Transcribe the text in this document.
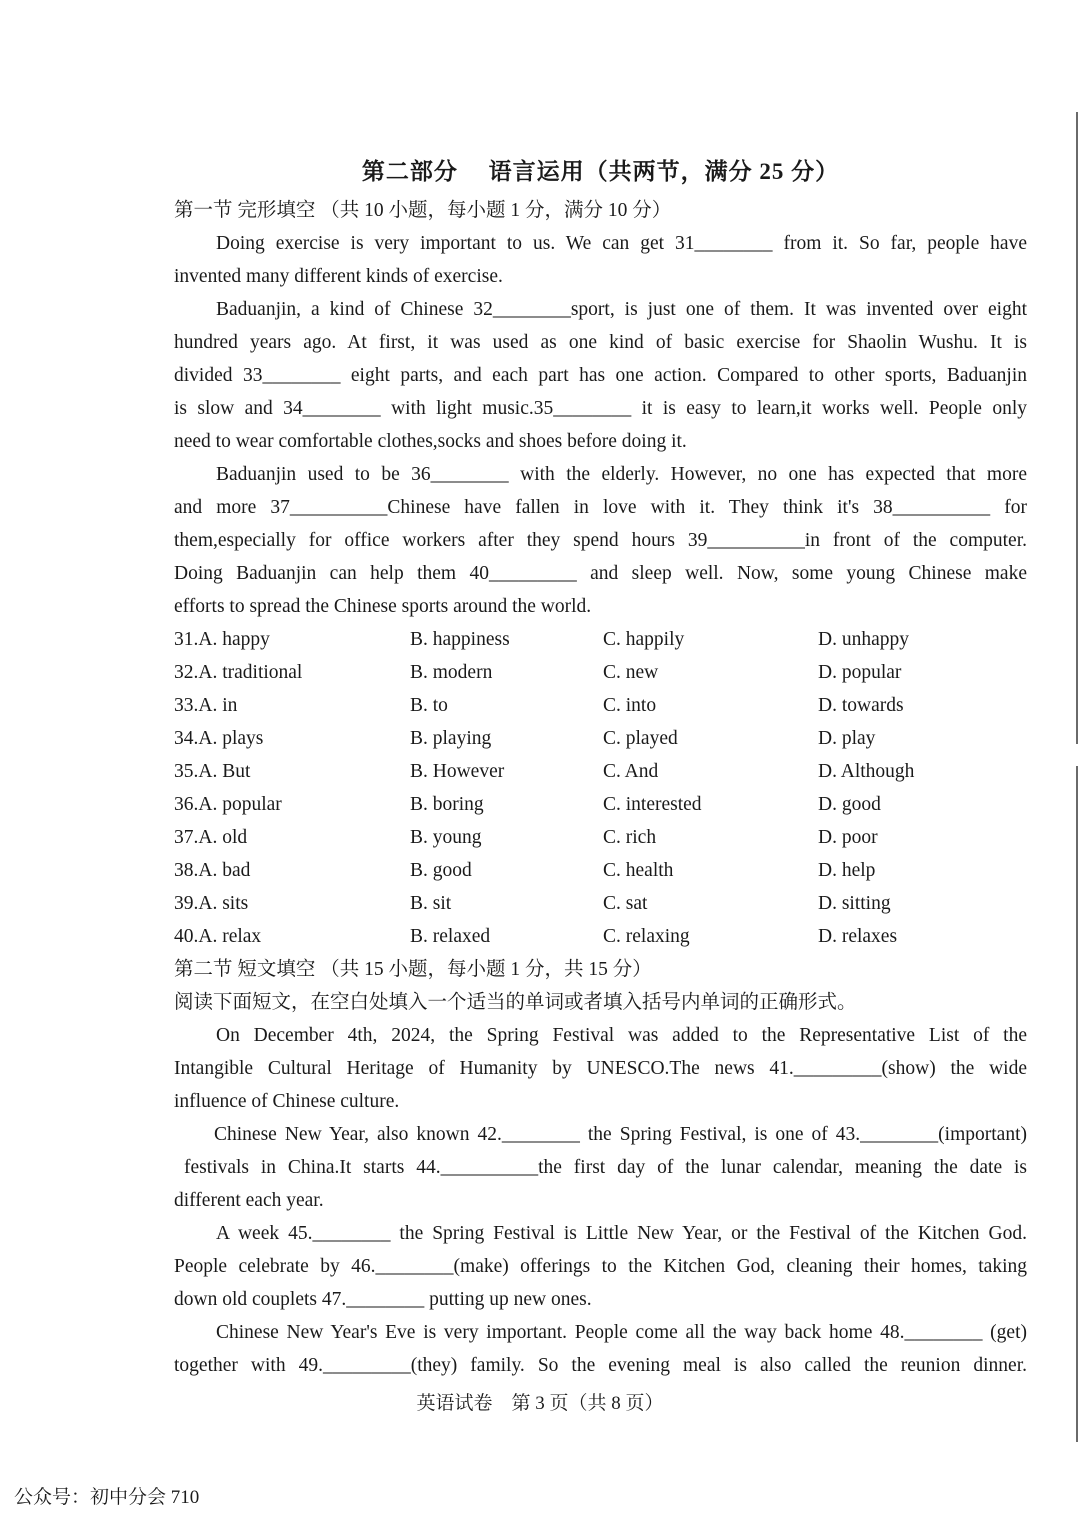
第二部分　 语言运用（共两节，满分 25 分）
第一节 完形填空 （共 10 小题，每小题 1 分，满分 10 分）
Doing exercise is very important to us. We can get 31________ from it. So far, people have
invented many different kinds of exercise.
Baduanjin, a kind of Chinese 32________sport, is just one of them. It was invented over eight
hundred years ago. At first, it was used as one kind of basic exercise for Shaolin Wushu. It is
divided 33________ eight parts, and each part has one action. Compared to other sports, Baduanjin
is slow and 34________ with light music.35________ it is easy to learn,it works well. People only
need to wear comfortable clothes,socks and shoes before doing it.
Baduanjin used to be 36________ with the elderly. However, no one has expected that more
and more 37__________Chinese have fallen in love with it. They think it's 38__________ for
them,especially for office workers after they spend hours 39__________in front of the computer.
Doing Baduanjin can help them 40_________ and sleep well. Now, some young Chinese make
efforts to spread the Chinese sports around the world.
31.A. happy	B. happiness	C. happily	D. unhappy
32.A. traditional	B. modern	C. new	D. popular
33.A. in	B. to	C. into	D. towards
34.A. plays	B. playing	C. played	D. play
35.A. But	B. However	C. And	D. Although
36.A. popular	B. boring	C. interested	D. good
37.A. old	B. young	C. rich	D. poor
38.A. bad	B. good	C. health	D. help
39.A. sits	B. sit	C. sat	D. sitting
40.A. relax	B. relaxed	C. relaxing	D. relaxes
第二节 短文填空 （共 15 小题，每小题 1 分，共 15 分）
阅读下面短文，在空白处填入一个适当的单词或者填入括号内单词的正确形式。
On December 4th, 2024, the Spring Festival was added to the Representative List of the
Intangible Cultural Heritage of Humanity by UNESCO.The news 41._________(show) the wide
influence of Chinese culture.
Chinese New Year, also known 42.________ the Spring Festival, is one of 43.________(important)
festivals in China.It starts 44.__________the first day of the lunar calendar, meaning the date is
different each year.
A week 45.________ the Spring Festival is Little New Year, or the Festival of the Kitchen God.
People celebrate by 46.________(make) offerings to the Kitchen God, cleaning their homes, taking
down old couplets 47.________ putting up new ones.
Chinese New Year's Eve is very important. People come all the way back home 48.________ (get)
together with 49._________(they) family. So the evening meal is also called the reunion dinner.
英语试卷　第 3 页（共 8 页）
公众号：初中分会 710
